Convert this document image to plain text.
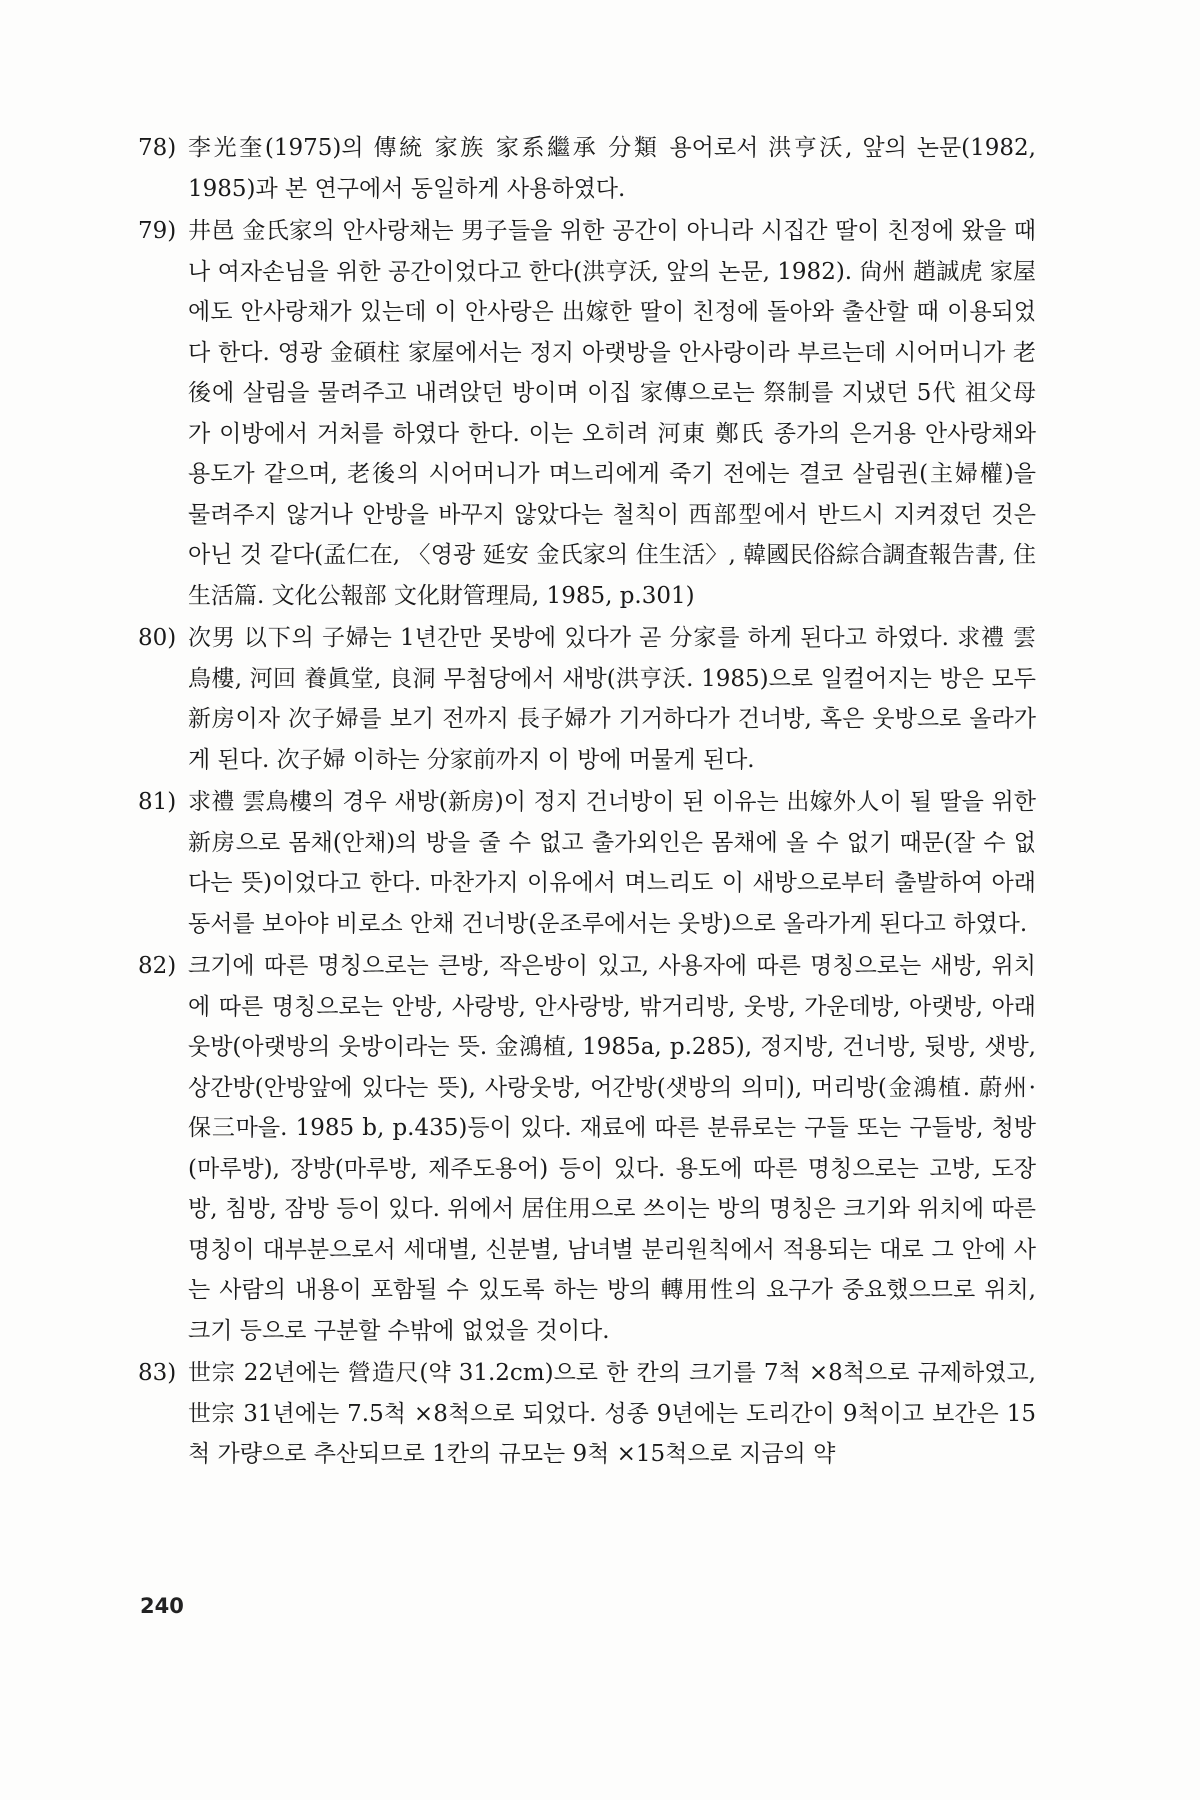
78) 李光奎(1975)의 傳統 家族 家系繼承 分類 용어로서 洪亨沃, 앞의 논문(1982, 1985)과 본 연구에서 동일하게 사용하였다.
79) 井邑 金氏家의 안사랑채는 男子들을 위한 공간이 아니라 시집간 딸이 친정에 왔을 때나 여자손님을 위한 공간이었다고 한다(洪亨沃, 앞의 논문, 1982). 尙州 趙誠虎 家屋에도 안사랑채가 있는데 이 안사랑은 出嫁한 딸이 친정에 돌아와 출산할 때 이용되었다 한다. 영광 金碩柱 家屋에서는 정지 아랫방을 안사랑이라 부르는데 시어머니가 老後에 살림을 물려주고 내려앉던 방이며 이집 家傳으로는 祭制를 지냈던 5代 祖父母가 이방에서 거처를 하였다 한다. 이는 오히려 河東 鄭氏 종가의 은거용 안사랑채와 용도가 같으며, 老後의 시어머니가 며느리에게 죽기 전에는 결코 살림권(主婦權)을 물려주지 않거나 안방을 바꾸지 않았다는 철칙이 西部型에서 반드시 지켜졌던 것은 아닌 것 같다(孟仁在, 〈영광 延安 金氏家의 住生活〉, 韓國民俗綜合調査報告書, 住生活篇. 文化公報部 文化財管理局, 1985, p.301)
80) 次男 以下의 子婦는 1년간만 못방에 있다가 곧 分家를 하게 된다고 하였다. 求禮 雲鳥樓, 河回 養眞堂, 良洞 무첨당에서 새방(洪亨沃. 1985)으로 일컬어지는 방은 모두 新房이자 次子婦를 보기 전까지 長子婦가 기거하다가 건너방, 혹은 웃방으로 올라가게 된다. 次子婦 이하는 分家前까지 이 방에 머물게 된다.
81) 求禮 雲鳥樓의 경우 새방(新房)이 정지 건너방이 된 이유는 出嫁外人이 될 딸을 위한 新房으로 몸채(안채)의 방을 줄 수 없고 출가외인은 몸채에 올 수 없기 때문(잘 수 없다는 뜻)이었다고 한다. 마찬가지 이유에서 며느리도 이 새방으로부터 출발하여 아래동서를 보아야 비로소 안채 건너방(운조루에서는 웃방)으로 올라가게 된다고 하였다.
82) 크기에 따른 명칭으로는 큰방, 작은방이 있고, 사용자에 따른 명칭으로는 새방, 위치에 따른 명칭으로는 안방, 사랑방, 안사랑방, 밖거리방, 웃방, 가운데방, 아랫방, 아래웃방(아랫방의 웃방이라는 뜻. 金鴻植, 1985a, p.285), 정지방, 건너방, 뒷방, 샛방, 상간방(안방앞에 있다는 뜻), 사랑웃방, 어간방(샛방의 의미), 머리방(金鴻植. 蔚州·保三마을. 1985 b, p.435)등이 있다. 재료에 따른 분류로는 구들 또는 구들방, 청방(마루방), 장방(마루방, 제주도용어) 등이 있다. 용도에 따른 명칭으로는 고방, 도장방, 침방, 잠방 등이 있다. 위에서 居住用으로 쓰이는 방의 명칭은 크기와 위치에 따른 명칭이 대부분으로서 세대별, 신분별, 남녀별 분리원칙에서 적용되는 대로 그 안에 사는 사람의 내용이 포함될 수 있도록 하는 방의 轉用性의 요구가 중요했으므로 위치, 크기 등으로 구분할 수밖에 없었을 것이다.
83) 世宗 22년에는 營造尺(약 31.2cm)으로 한 칸의 크기를 7척 ×8척으로 규제하였고, 世宗 31년에는 7.5척 ×8척으로 되었다. 성종 9년에는 도리간이 9척이고 보간은 15척 가량으로 추산되므로 1칸의 규모는 9척 ×15척으로 지금의 약
240
